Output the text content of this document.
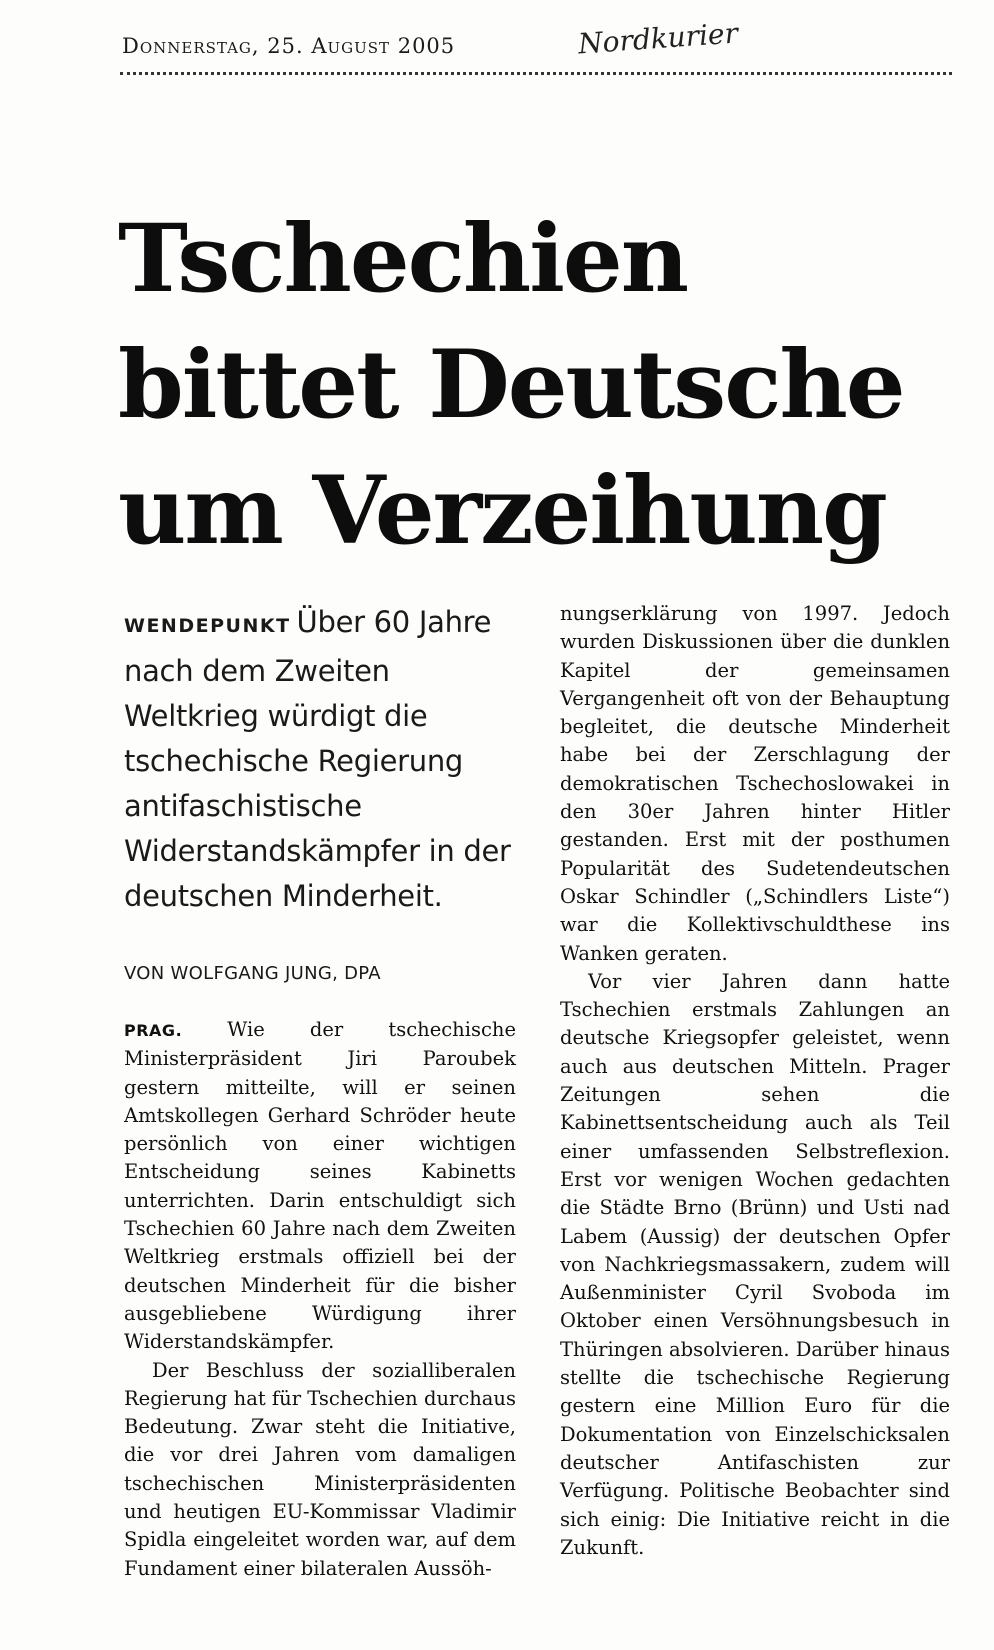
Donnerstag, 25. August 2005	Nordkurier
Tschechien
bittet Deutsche
um Verzeihung

WENDEPUNKT Über 60 Jahre nach dem Zweiten Weltkrieg würdigt die tschechische Regierung antifaschistische Widerstandskämpfer in der deutschen Minderheit.

VON WOLFGANG JUNG, DPA

PRAG. Wie der tschechische Ministerpräsident Jiri Paroubek gestern mitteilte, will er seinen Amtskollegen Gerhard Schröder heute persönlich von einer wichtigen Entscheidung seines Kabinetts unterrichten. Darin entschuldigt sich Tschechien 60 Jahre nach dem Zweiten Weltkrieg erstmals offiziell bei der deutschen Minderheit für die bisher ausgebliebene Würdigung ihrer Widerstandskämpfer.

Der Beschluss der sozialliberalen Regierung hat für Tschechien durchaus Bedeutung. Zwar steht die Initiative, die vor drei Jahren vom damaligen tschechischen Ministerpräsidenten und heutigen EU-Kommissar Vladimir Spidla eingeleitet worden war, auf dem Fundament einer bilateralen Aussöh-

nungserklärung von 1997. Jedoch wurden Diskussionen über die dunklen Kapitel der gemeinsamen Vergangenheit oft von der Behauptung begleitet, die deutsche Minderheit habe bei der Zerschlagung der demokratischen Tschechoslowakei in den 30er Jahren hinter Hitler gestanden. Erst mit der posthumen Popularität des Sudetendeutschen Oskar Schindler („Schindlers Liste“) war die Kollektivschuldthese ins Wanken geraten.

Vor vier Jahren dann hatte Tschechien erstmals Zahlungen an deutsche Kriegsopfer geleistet, wenn auch aus deutschen Mitteln. Prager Zeitungen sehen die Kabinettsentscheidung auch als Teil einer umfassenden Selbstreflexion. Erst vor wenigen Wochen gedachten die Städte Brno (Brünn) und Usti nad Labem (Aussig) der deutschen Opfer von Nachkriegsmassakern, zudem will Außenminister Cyril Svoboda im Oktober einen Versöhnungsbesuch in Thüringen absolvieren. Darüber hinaus stellte die tschechische Regierung gestern eine Million Euro für die Dokumentation von Einzelschicksalen deutscher Antifaschisten zur Verfügung. Politische Beobachter sind sich einig: Die Initiative reicht in die Zukunft.
